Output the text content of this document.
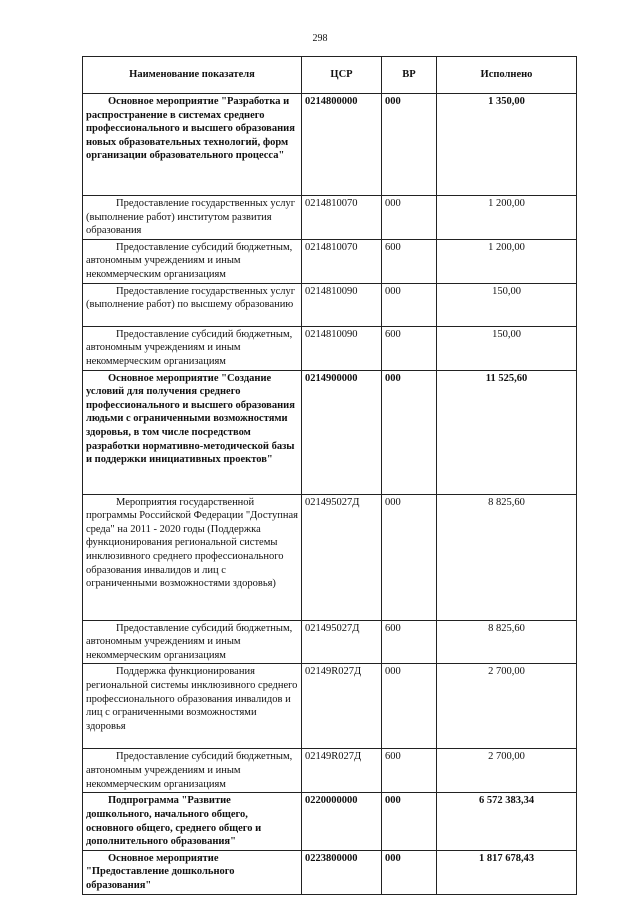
298
Наименование показателя	ЦСР	ВР	Исполнено
Основное мероприятие "Разработка и распространение в системах среднего профессионального и высшего образования новых образовательных технологий, форм организации образовательного процесса"	0214800000	000	1 350,00
Предоставление государственных услуг (выполнение работ) институтом развития образования	0214810070	000	1 200,00
Предоставление субсидий бюджетным, автономным учреждениям и иным некоммерческим организациям	0214810070	600	1 200,00
Предоставление государственных услуг (выполнение работ) по высшему образованию	0214810090	000	150,00
Предоставление субсидий бюджетным, автономным учреждениям и иным некоммерческим организациям	0214810090	600	150,00
Основное мероприятие "Создание условий для получения среднего профессионального и высшего образования людьми с ограниченными возможностями здоровья, в том числе посредством разработки нормативно-методической базы и поддержки инициативных проектов"	0214900000	000	11 525,60
Мероприятия государственной программы Российской Федерации "Доступная среда" на 2011 - 2020 годы (Поддержка функционирования региональной системы инклюзивного среднего профессионального образования инвалидов и лиц с ограниченными возможностями здоровья)	021495027Д	000	8 825,60
Предоставление субсидий бюджетным, автономным учреждениям и иным некоммерческим организациям	021495027Д	600	8 825,60
Поддержка функционирования региональной системы инклюзивного среднего профессионального образования инвалидов и лиц с ограниченными возможностями здоровья	02149R027Д	000	2 700,00
Предоставление субсидий бюджетным, автономным учреждениям и иным некоммерческим организациям	02149R027Д	600	2 700,00
Подпрограмма "Развитие дошкольного, начального общего, основного общего, среднего общего и дополнительного образования"	0220000000	000	6 572 383,34
Основное мероприятие "Предоставление дошкольного образования"	0223800000	000	1 817 678,43
